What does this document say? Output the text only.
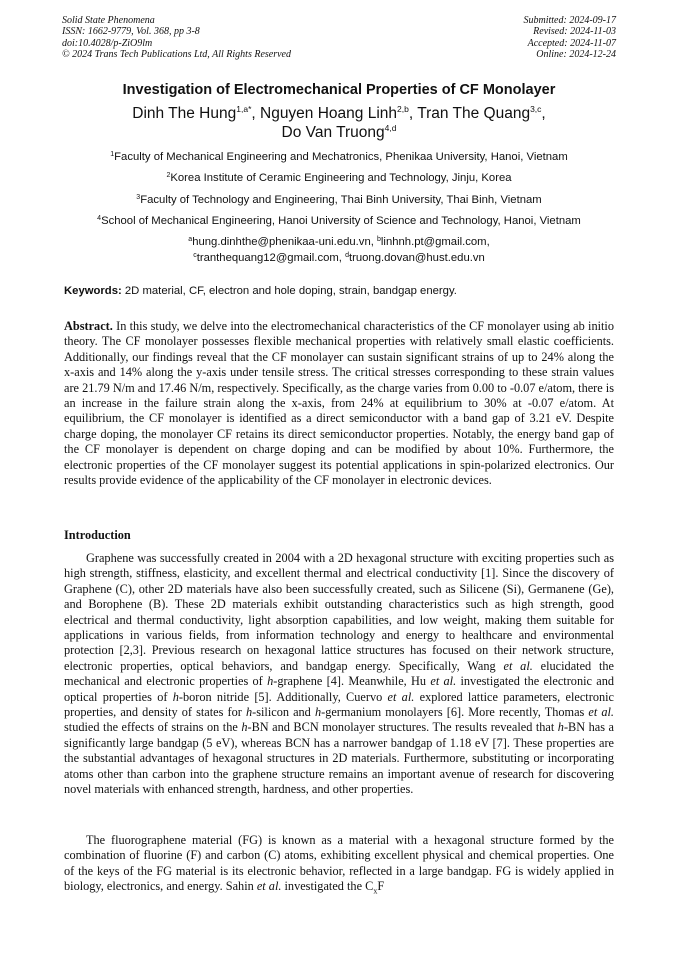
Solid State Phenomena
ISSN: 1662-9779, Vol. 368, pp 3-8
doi:10.4028/p-ZiO9lm
© 2024 Trans Tech Publications Ltd, All Rights Reserved
Submitted: 2024-09-17
Revised: 2024-11-03
Accepted: 2024-11-07
Online: 2024-12-24
Investigation of Electromechanical Properties of CF Monolayer
Dinh The Hung$^{1,a*}$, Nguyen Hoang Linh$^{2,b}$, Tran The Quang$^{3,c}$,
Do Van Truong$^{4,d}$
$^1$Faculty of Mechanical Engineering and Mechatronics, Phenikaa University, Hanoi, Vietnam
$^2$Korea Institute of Ceramic Engineering and Technology, Jinju, Korea
$^3$Faculty of Technology and Engineering, Thai Binh University, Thai Binh, Vietnam
$^4$School of Mechanical Engineering, Hanoi University of Science and Technology, Hanoi, Vietnam
$^a$hung.dinhthe@phenikaa-uni.edu.vn, $^b$linhnh.pt@gmail.com,
$^c$tranthequang12@gmail.com, $^d$truong.dovan@hust.edu.vn
Keywords: 2D material, CF, electron and hole doping, strain, bandgap energy.
Abstract. In this study, we delve into the electromechanical characteristics of the CF monolayer using ab initio theory. The CF monolayer possesses flexible mechanical properties with relatively small elastic coefficients. Additionally, our findings reveal that the CF monolayer can sustain significant strains of up to 24% along the x-axis and 14% along the y-axis under tensile stress. The critical stresses corresponding to these strain values are 21.79 N/m and 17.46 N/m, respectively. Specifically, as the charge varies from 0.00 to -0.07 e/atom, there is an increase in the failure strain along the x-axis, from 24% at equilibrium to 30% at -0.07 e/atom. At equilibrium, the CF monolayer is identified as a direct semiconductor with a band gap of 3.21 eV. Despite charge doping, the monolayer CF retains its direct semiconductor properties. Notably, the energy band gap of the CF monolayer is dependent on charge doping and can be modified by about 10%. Furthermore, the electronic properties of the CF monolayer suggest its potential applications in spin-polarized electronics. Our results provide evidence of the applicability of the CF monolayer in electronic devices.
Introduction

Graphene was successfully created in 2004 with a 2D hexagonal structure with exciting properties such as high strength, stiffness, elasticity, and excellent thermal and electrical conductivity [1]. Since the discovery of Graphene (C), other 2D materials have also been successfully created, such as Silicene (Si), Germanene (Ge), and Borophene (B). These 2D materials exhibit outstanding characteristics such as high strength, good electrical and thermal conductivity, light absorption capabilities, and low weight, making them suitable for applications in various fields, from information technology and energy to healthcare and environmental protection [2,3]. Previous research on hexagonal lattice structures has focused on their network structure, electronic properties, optical behaviors, and bandgap energy. Specifically, Wang et al. elucidated the mechanical and electronic properties of h-graphene [4]. Meanwhile, Hu et al. investigated the electronic and optical properties of h-boron nitride [5]. Additionally, Cuervo et al. explored lattice parameters, electronic properties, and density of states for h-silicon and h-germanium monolayers [6]. More recently, Thomas et al. studied the effects of strains on the h-BN and BCN monolayer structures. The results revealed that h-BN has a significantly large bandgap (5 eV), whereas BCN has a narrower bandgap of 1.18 eV [7]. These properties are the substantial advantages of hexagonal structures in 2D materials. Furthermore, substituting or incorporating atoms other than carbon into the graphene structure remains an important avenue of research for discovering novel materials with enhanced strength, hardness, and other properties.

The fluorographene material (FG) is known as a material with a hexagonal structure formed by the combination of fluorine (F) and carbon (C) atoms, exhibiting excellent physical and chemical properties. One of the keys of the FG material is its electronic behavior, reflected in a large bandgap. FG is widely applied in biology, electronics, and energy. Sahin et al. investigated the $C_xF$
